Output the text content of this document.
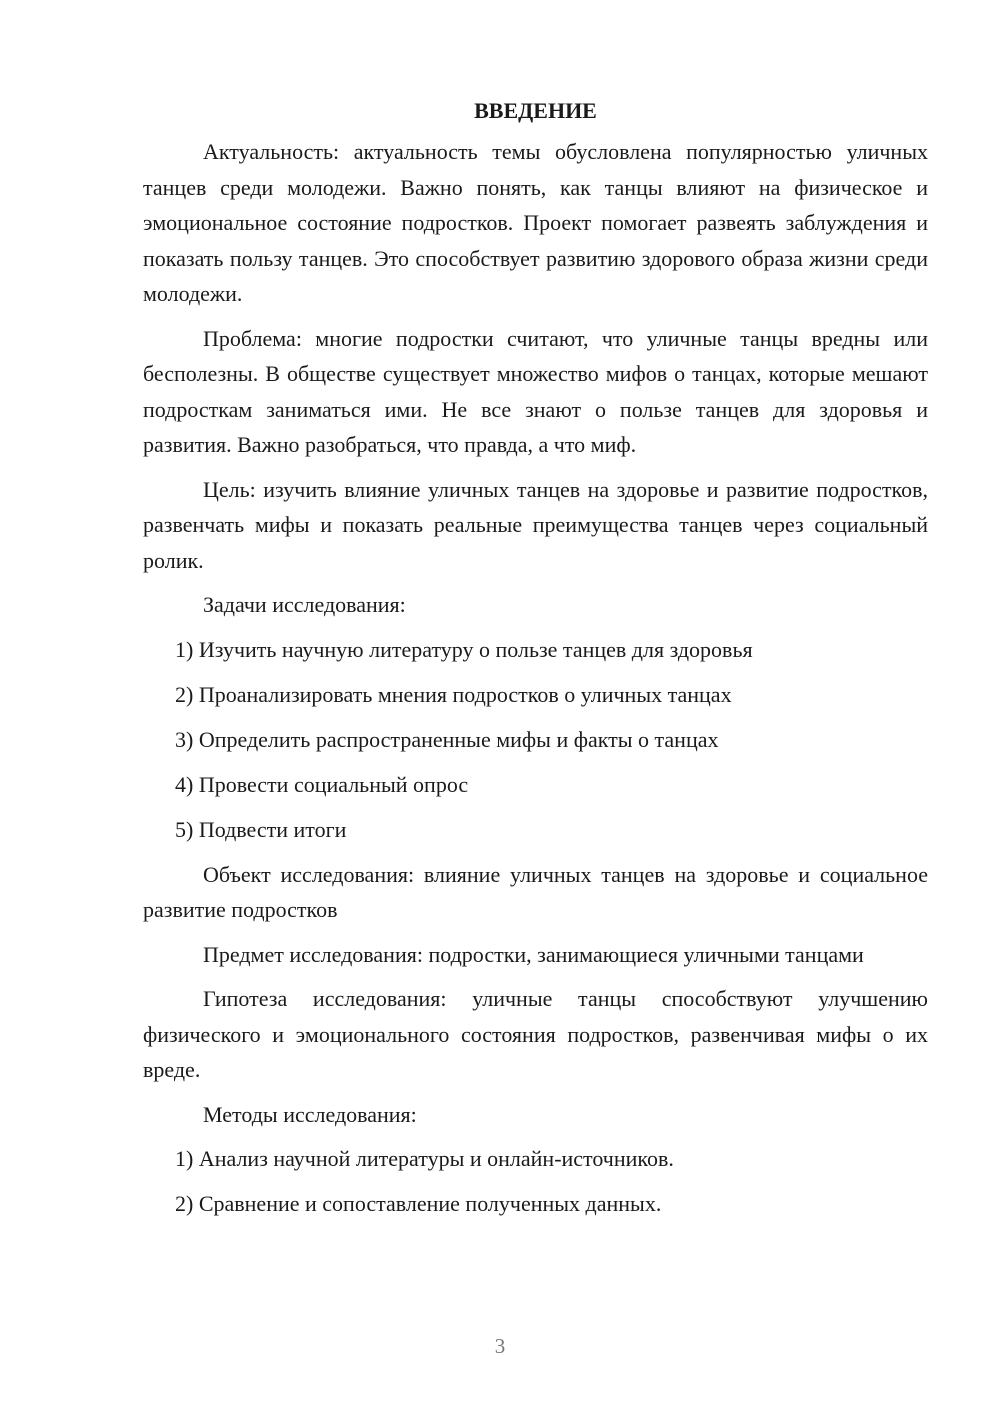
ВВЕДЕНИЕ

Актуальность: актуальность темы обусловлена популярностью уличных танцев среди молодежи. Важно понять, как танцы влияют на физическое и эмоциональное состояние подростков. Проект помогает развеять заблуждения и показать пользу танцев. Это способствует развитию здорового образа жизни среди молодежи.

Проблема: многие подростки считают, что уличные танцы вредны или бесполезны. В обществе существует множество мифов о танцах, которые мешают подросткам заниматься ими. Не все знают о пользе танцев для здоровья и развития. Важно разобраться, что правда, а что миф.

Цель: изучить влияние уличных танцев на здоровье и развитие подростков, развенчать мифы и показать реальные преимущества танцев через социальный ролик.

Задачи исследования:

1) Изучить научную литературу о пользе танцев для здоровья
2) Проанализировать мнения подростков о уличных танцах
3) Определить распространенные мифы и факты о танцах
4) Провести социальный опрос
5) Подвести итоги

Объект исследования: влияние уличных танцев на здоровье и социальное развитие подростков

Предмет исследования: подростки, занимающиеся уличными танцами

Гипотеза исследования: уличные танцы способствуют улучшению физического и эмоционального состояния подростков, развенчивая мифы о их вреде.

Методы исследования:

1) Анализ научной литературы и онлайн-источников.
2) Сравнение и сопоставление полученных данных.
3
